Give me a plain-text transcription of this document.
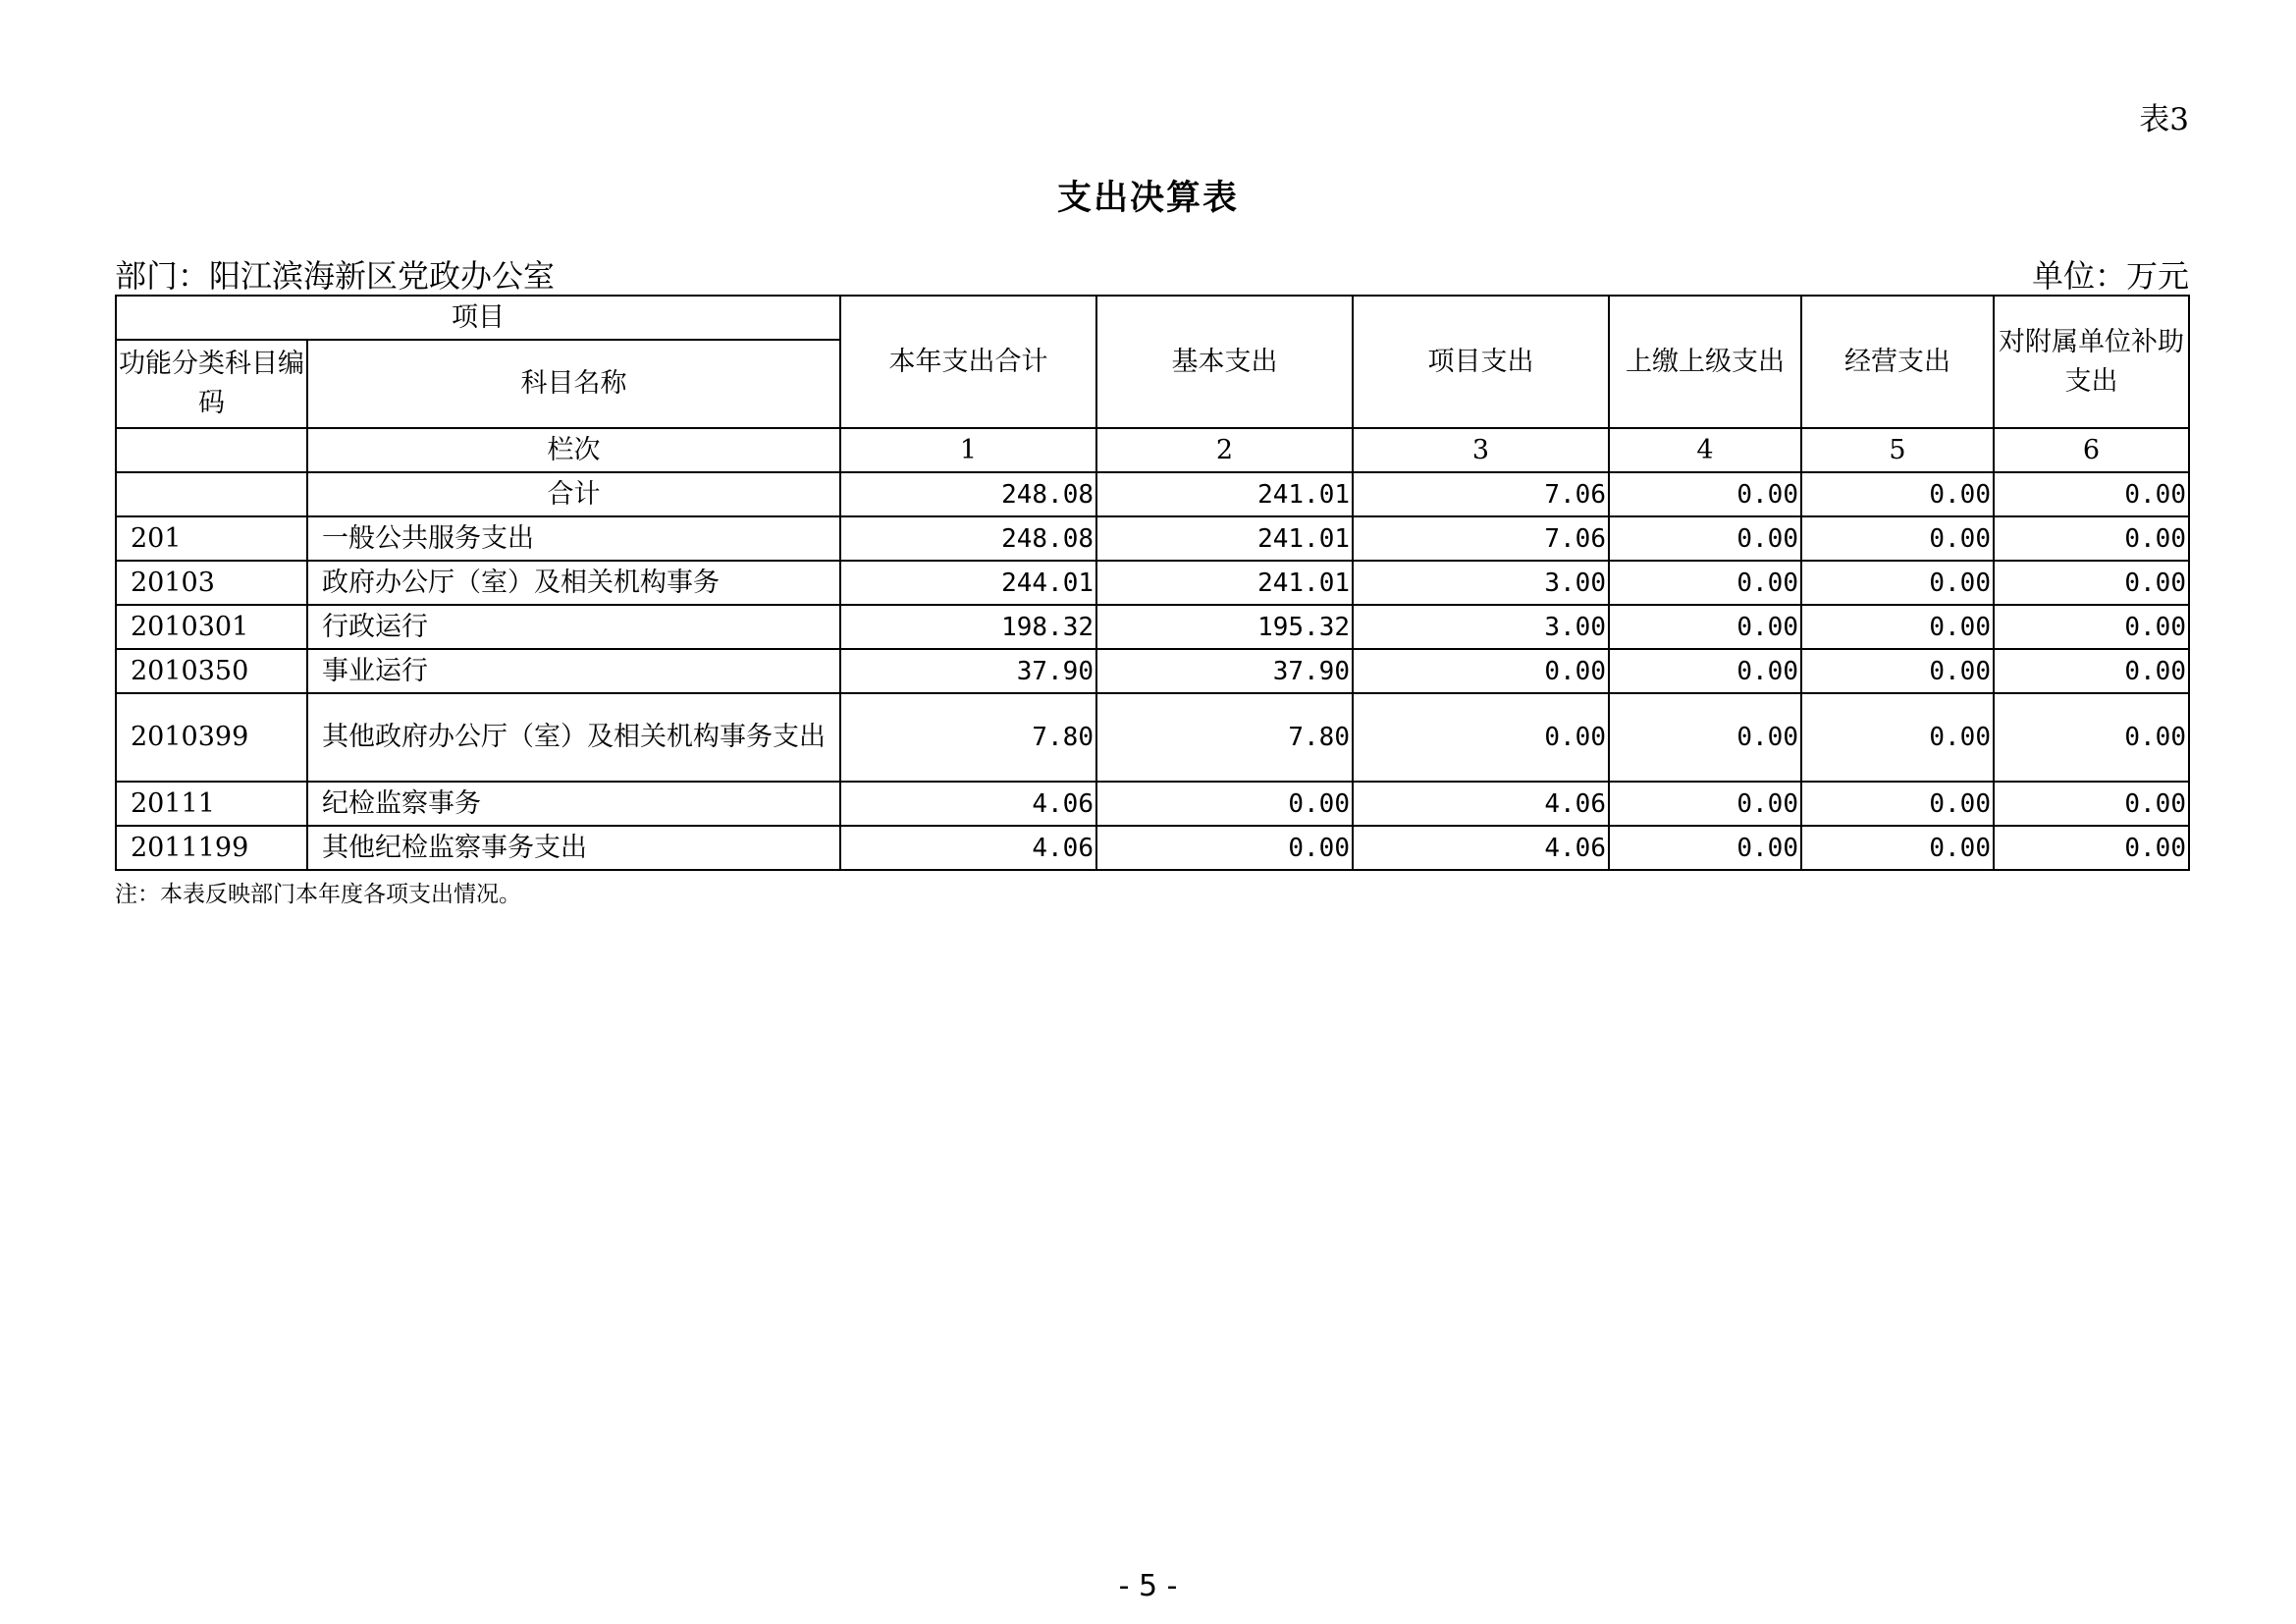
表3
支出决算表
部门：阳江滨海新区党政办公室	单位：万元
项目		本年支出合计	基本支出	项目支出	上缴上级支出	经营支出	对附属单位补助支出
功能分类科目编码	科目名称						
	栏次	1	2	3	4	5	6
	合计	248.08	241.01	7.06	0.00	0.00	0.00
201	一般公共服务支出	248.08	241.01	7.06	0.00	0.00	0.00
20103	政府办公厅（室）及相关机构事务	244.01	241.01	3.00	0.00	0.00	0.00
2010301	行政运行	198.32	195.32	3.00	0.00	0.00	0.00
2010350	事业运行	37.90	37.90	0.00	0.00	0.00	0.00
2010399	其他政府办公厅（室）及相关机构事务支出	7.80	7.80	0.00	0.00	0.00	0.00
20111	纪检监察事务	4.06	0.00	4.06	0.00	0.00	0.00
2011199	其他纪检监察事务支出	4.06	0.00	4.06	0.00	0.00	0.00
注：本表反映部门本年度各项支出情况。
- 5 -
